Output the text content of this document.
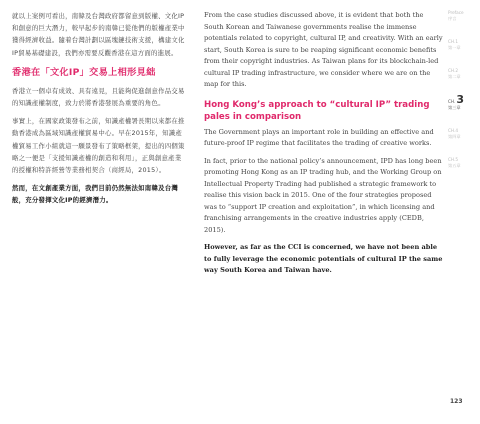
就以上案例可看出，南韓及台灣政府都留意到版權、文化IP和創意的巨大潛力，較早起步的南韓已從他們的版權產業中獲得經濟收益。隨着台灣計劃以區塊鏈技術支援，構建文化IP貿易基礎建設，我們亦需要反觀香港在這方面的進展。

香港在「文化IP」交易上相形見絀

香港立一個卓有成效、具有遠見，且能夠促進創意作品交易的知識產權制度，致力於將香港發展為重要的角色。

事實上，在國家政策發布之前，知識產權署長期以來都在推動香港成為區域知識產權貿易中心。早在2015年，知識產權貿易工作小組就這一願景發布了策略框架，提出的四個策略之一便是「支援知識產權的創造和利用」，正與創意產業的授權和特許經營等業務相契合（商經局，2015）。

然而，在文創產業方面，我們目前仍然無法如南韓及台灣般，充分發揮文化IP的經濟潛力。

From the case studies discussed above, it is evident that both the South Korean and Taiwanese governments realise the immense potentials related to copyright, cultural IP, and creativity. With an early start, South Korea is sure to be reaping significant economic benefits from their copyright industries. As Taiwan plans for its blockchain-led cultural IP trading infrastructure, we consider where we are on the map for this.

Hong Kong’s approach to “cultural IP” trading pales in comparison

The Government plays an important role in building an effective and future-proof IP regime that facilitates the trading of creative works.

In fact, prior to the national policy’s announcement, IPD has long been promoting Hong Kong as an IP trading hub, and the Working Group on Intellectual Property Trading had published a strategic framework to realise this vision back in 2015. One of the four strategies proposed was to “support IP creation and exploitation”, in which licensing and franchising arrangements in the creative industries apply (CEDB, 2015).

However, as far as the CCI is concerned, we have not been able to fully leverage the economic potentials of cultural IP the same way South Korea and Taiwan have.

Preface
序言
CH.1
第一章
CH.2
第二章
CH.3
第三章
CH.4
第四章
CH.5
第五章
123
